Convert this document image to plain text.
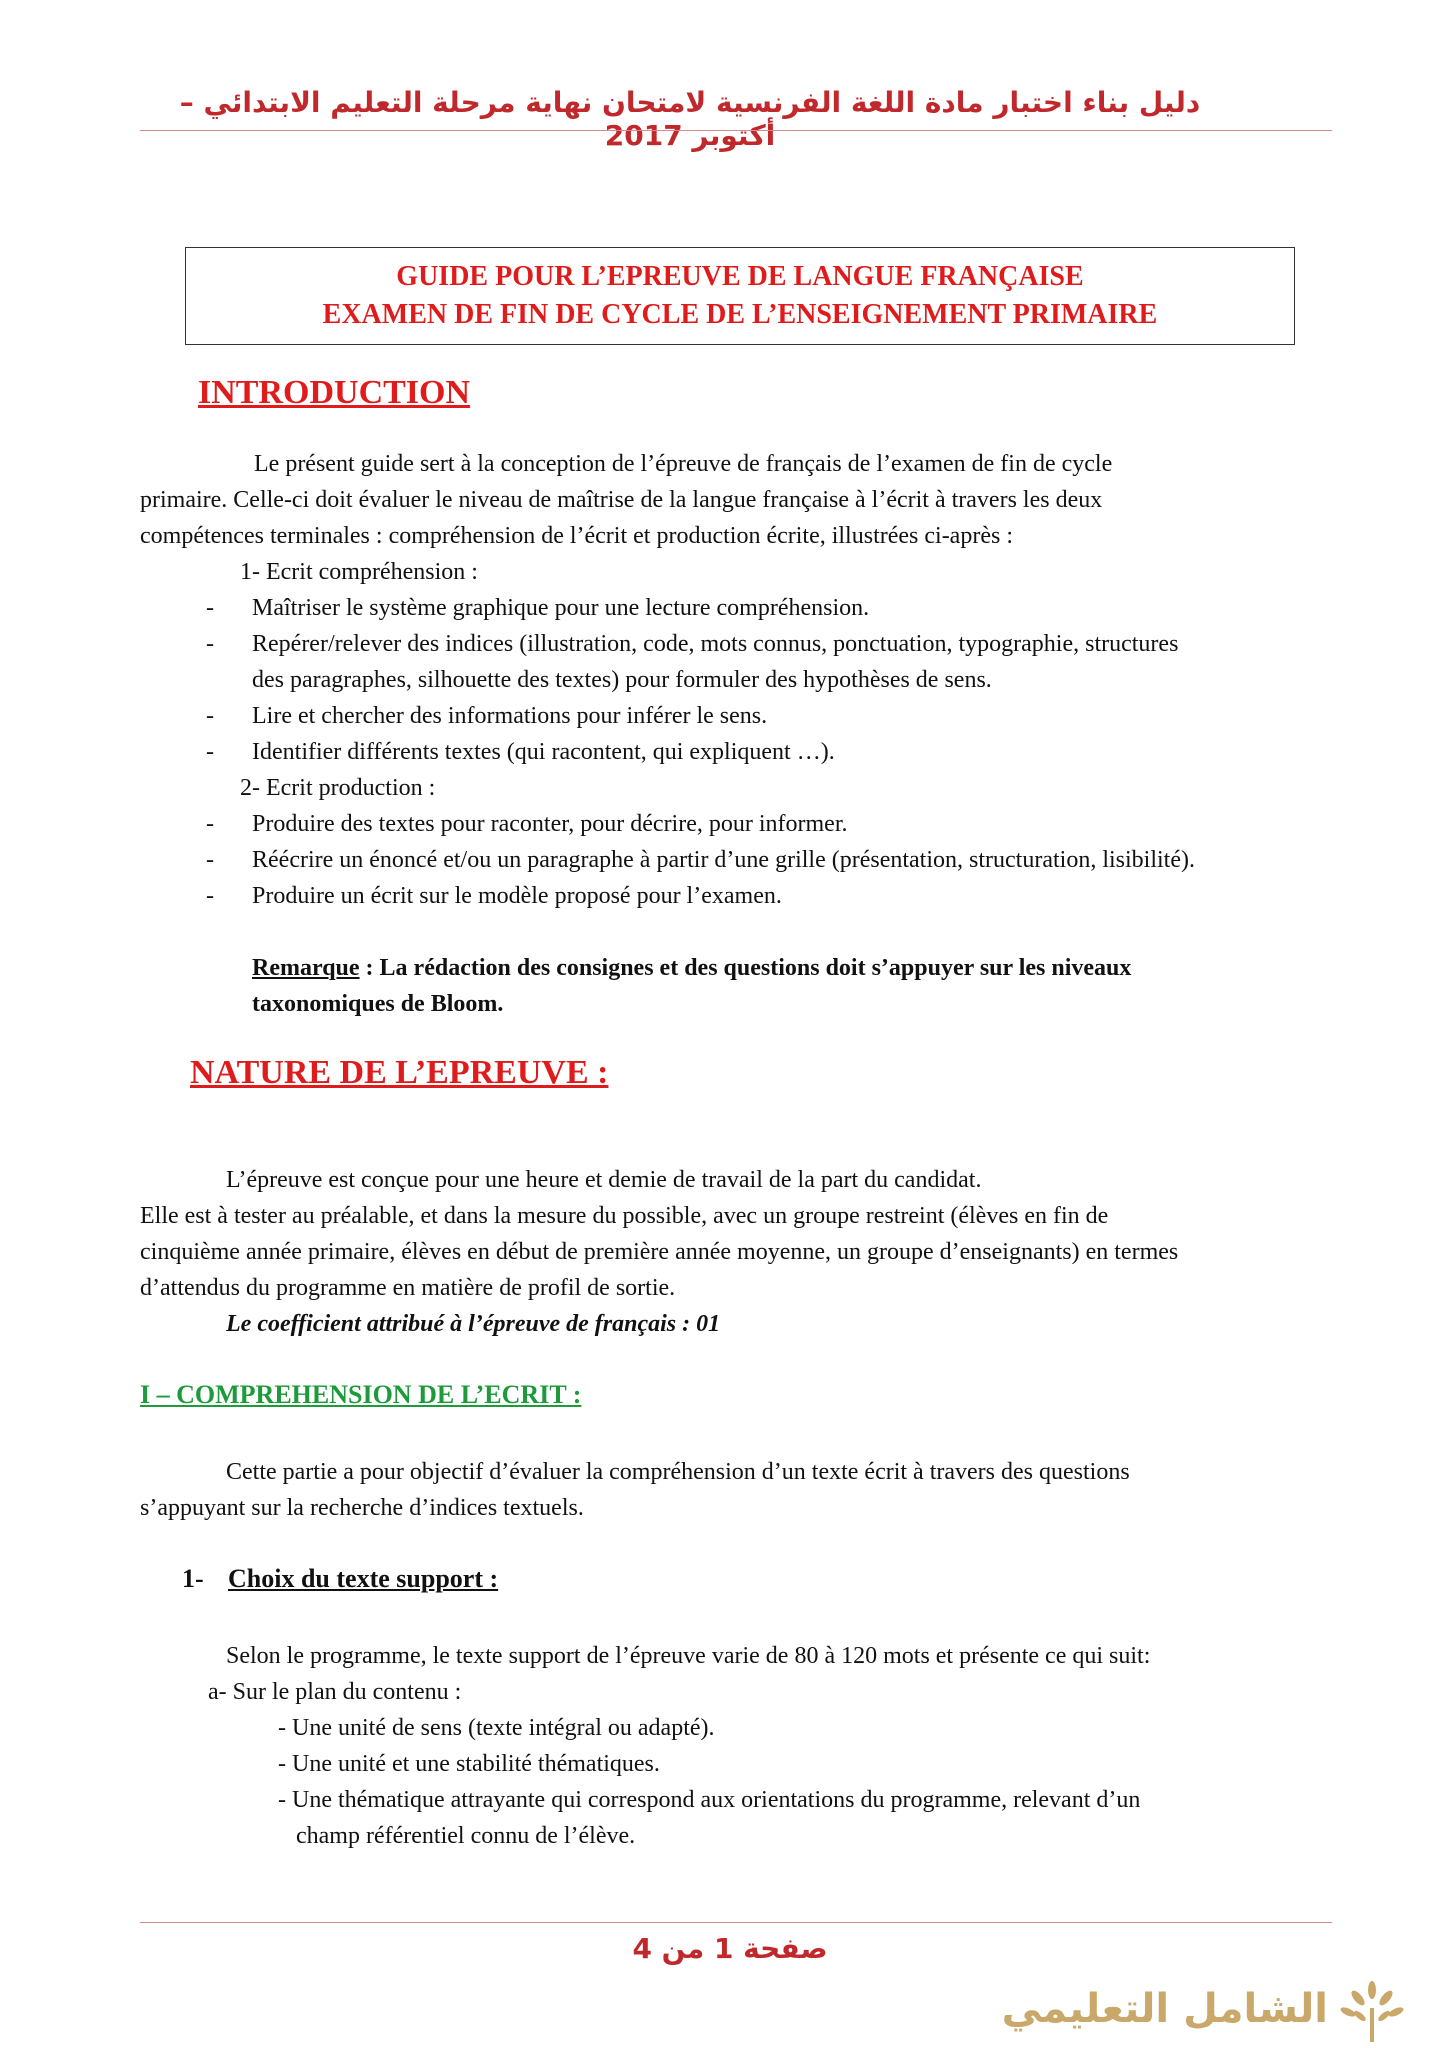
دليل بناء اختبار مادة اللغة الفرنسية لامتحان نهاية مرحلة التعليم الابتدائي – أكتوبر 2017
GUIDE POUR L’EPREUVE DE LANGUE FRANÇAISE
EXAMEN DE FIN DE CYCLE DE L’ENSEIGNEMENT PRIMAIRE
INTRODUCTION
Le présent guide sert à la conception de l’épreuve de français de l’examen de fin de cycle
primaire. Celle-ci doit évaluer le niveau de maîtrise de la langue française à l’écrit à travers les deux
compétences terminales : compréhension de l’écrit et production écrite, illustrées ci-après :
1- Ecrit compréhension :
- Maîtriser le système graphique pour une lecture compréhension.
- Repérer/relever des indices (illustration, code, mots connus, ponctuation, typographie, structures
des paragraphes, silhouette des textes) pour formuler des hypothèses de sens.
- Lire et chercher des informations pour inférer le sens.
- Identifier différents textes (qui racontent, qui expliquent …).
2- Ecrit production :
- Produire des textes pour raconter, pour décrire, pour informer.
- Réécrire un énoncé et/ou un paragraphe à partir d’une grille (présentation, structuration, lisibilité).
- Produire un écrit sur le modèle proposé pour l’examen.
Remarque : La rédaction des consignes et des questions doit s’appuyer sur les niveaux
taxonomiques de Bloom.
NATURE DE L’EPREUVE :
L’épreuve est conçue pour une heure et demie de travail de la part du candidat.
Elle est à tester au préalable, et dans la mesure du possible, avec un groupe restreint (élèves en fin de
cinquième année primaire, élèves en début de première année moyenne, un groupe d’enseignants) en termes
d’attendus du programme en matière de profil de sortie.
Le coefficient attribué à l’épreuve de français : 01
I – COMPREHENSION DE L’ECRIT :
Cette partie a pour objectif d’évaluer la compréhension d’un texte écrit à travers des questions
s’appuyant sur la recherche d’indices textuels.
1- Choix du texte support :
Selon le programme, le texte support de l’épreuve varie de 80 à 120 mots et présente ce qui suit:
a- Sur le plan du contenu :
- Une unité de sens (texte intégral ou adapté).
- Une unité et une stabilité thématiques.
- Une thématique attrayante qui correspond aux orientations du programme, relevant d’un
champ référentiel connu de l’élève.
صفحة 1 من 4
الشامل التعليمي
